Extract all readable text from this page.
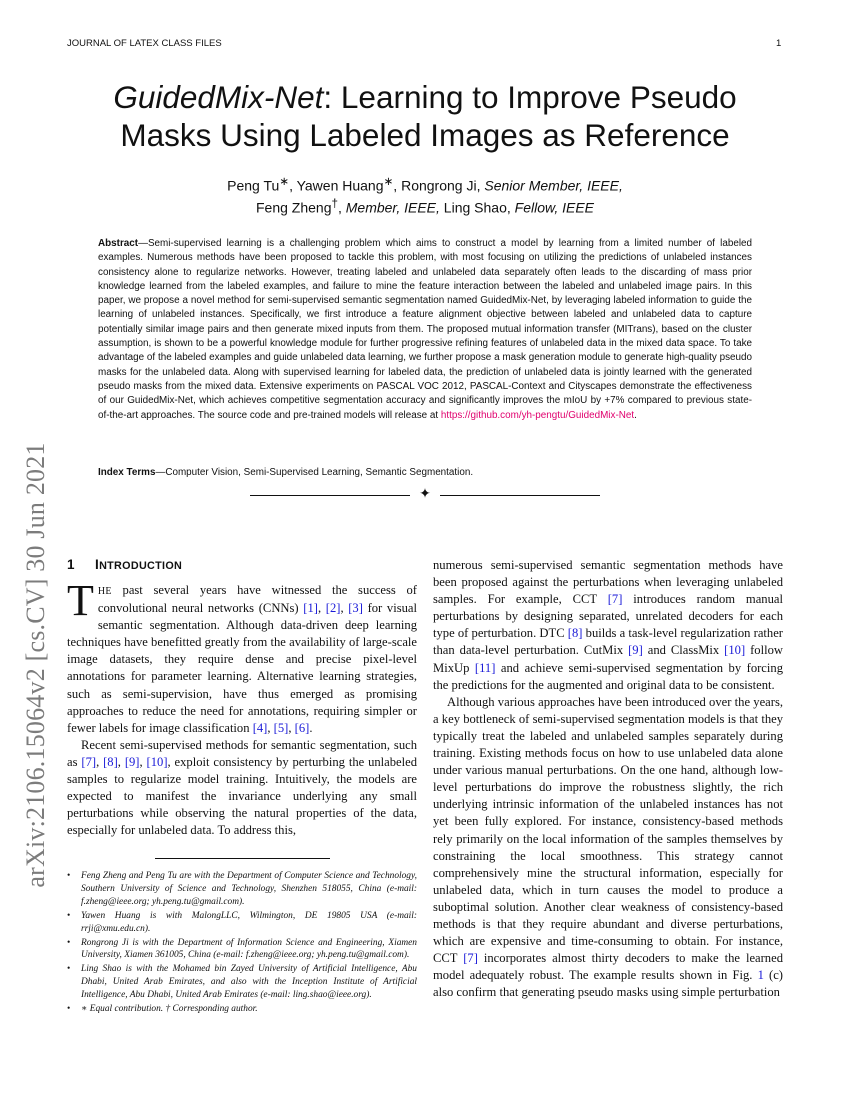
JOURNAL OF LATEX CLASS FILES	1
arXiv:2106.15064v2 [cs.CV] 30 Jun 2021
GuidedMix-Net: Learning to Improve Pseudo
Masks Using Labeled Images as Reference
Peng Tu∗, Yawen Huang∗, Rongrong Ji, Senior Member, IEEE,
Feng Zheng†, Member, IEEE, Ling Shao, Fellow, IEEE
Abstract—Semi-supervised learning is a challenging problem which aims to construct a model by learning from a limited number of labeled examples. Numerous methods have been proposed to tackle this problem, with most focusing on utilizing the predictions of unlabeled instances consistency alone to regularize networks. However, treating labeled and unlabeled data separately often leads to the discarding of mass prior knowledge learned from the labeled examples, and failure to mine the feature interaction between the labeled and unlabeled image pairs. In this paper, we propose a novel method for semi-supervised semantic segmentation named GuidedMix-Net, by leveraging labeled information to guide the learning of unlabeled instances. Specifically, we first introduce a feature alignment objective between labeled and unlabeled data to capture potentially similar image pairs and then generate mixed inputs from them. The proposed mutual information transfer (MITrans), based on the cluster assumption, is shown to be a powerful knowledge module for further progressive refining features of unlabeled data in the mixed data space. To take advantage of the labeled examples and guide unlabeled data learning, we further propose a mask generation module to generate high-quality pseudo masks for the unlabeled data. Along with supervised learning for labeled data, the prediction of unlabeled data is jointly learned with the generated pseudo masks from the mixed data. Extensive experiments on PASCAL VOC 2012, PASCAL-Context and Cityscapes demonstrate the effectiveness of our GuidedMix-Net, which achieves competitive segmentation accuracy and significantly improves the mIoU by +7% compared to previous state-of-the-art approaches. The source code and pre-trained models will release at https://github.com/yh-pengtu/GuidedMix-Net.
Index Terms—Computer Vision, Semi-Supervised Learning, Semantic Segmentation.
✦
1 INTRODUCTION

THE past several years have witnessed the success of convolutional neural networks (CNNs) [1], [2], [3] for visual semantic segmentation. Although data-driven deep learning techniques have benefitted greatly from the availability of large-scale image datasets, they require dense and precise pixel-level annotations for parameter learning. Alternative learning strategies, such as semi-supervision, have thus emerged as promising approaches to reduce the need for annotations, requiring simpler or fewer labels for image classification [4], [5], [6].

Recent semi-supervised methods for semantic segmentation, such as [7], [8], [9], [10], exploit consistency by perturbing the unlabeled samples to regularize model training. Intuitively, the models are expected to manifest the invariance underlying any small perturbations while observing the natural properties of the data, especially for unlabeled data. To address this,

• Feng Zheng and Peng Tu are with the Department of Computer Science and Technology, Southern University of Science and Technology, Shenzhen 518055, China (e-mail: f.zheng@ieee.org; yh.peng.tu@gmail.com).
• Yawen Huang is with MalongLLC, Wilmington, DE 19805 USA (e-mail: rrji@xmu.edu.cn).
• Rongrong Ji is with the Department of Information Science and Engineering, Xiamen University, Xiamen 361005, China (e-mail: f.zheng@ieee.org; yh.peng.tu@gmail.com).
• Ling Shao is with the Mohamed bin Zayed University of Artificial Intelligence, Abu Dhabi, United Arab Emirates, and also with the Inception Institute of Artificial Intelligence, Abu Dhabi, United Arab Emirates (e-mail: ling.shao@ieee.org).
• ∗ Equal contribution. † Corresponding author.

numerous semi-supervised semantic segmentation methods have been proposed against the perturbations when leveraging unlabeled samples. For example, CCT [7] introduces random manual perturbations by designing separated, unrelated decoders for each type of perturbation. DTC [8] builds a task-level regularization rather than data-level perturbation. CutMix [9] and ClassMix [10] follow MixUp [11] and achieve semi-supervised segmentation by forcing the predictions for the augmented and original data to be consistent.

Although various approaches have been introduced over the years, a key bottleneck of semi-supervised segmentation models is that they typically treat the labeled and unlabeled samples separately during training. Existing methods focus on how to use unlabeled data alone under various manual perturbations. On the one hand, although low-level perturbations do improve the robustness slightly, the rich underlying intrinsic information of the unlabeled instances has not yet been fully explored. For instance, consistency-based methods rely primarily on the local information of the samples themselves by constraining the local smoothness. This strategy cannot comprehensively mine the structural information, especially for unlabeled data, which in turn causes the model to produce a suboptimal solution. Another clear weakness of consistency-based methods is that they require abundant and diverse perturbations, which are expensive and time-consuming to obtain. For instance, CCT [7] incorporates almost thirty decoders to make the learned model adequately robust. The example results shown in Fig. 1 (c) also confirm that generating pseudo masks using simple perturbation
